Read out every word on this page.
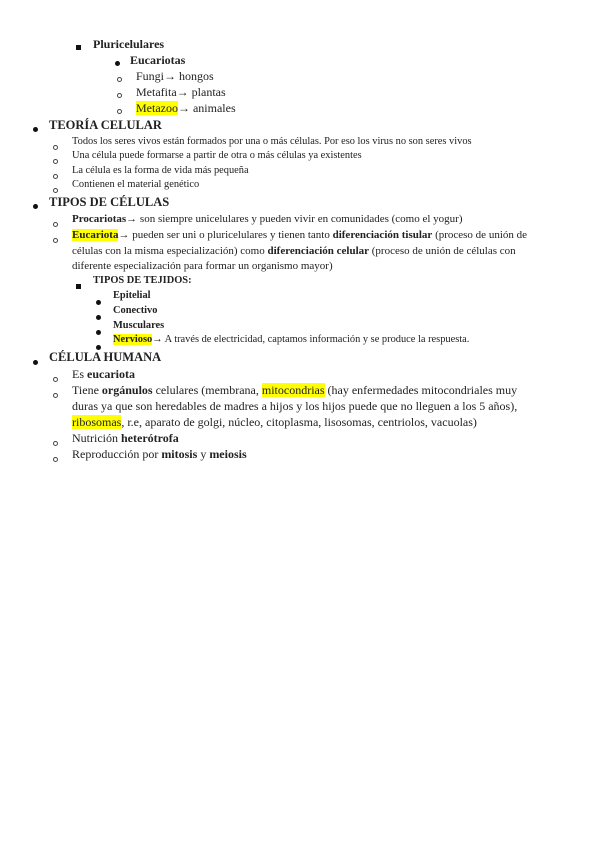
Pluricelulares
Eucariotas
Fungi→ hongos
Metafita→ plantas
Metazoo→ animales
TEORÍA CELULAR
Todos los seres vivos están formados por una o más células. Por eso los virus no son seres vivos
Una célula puede formarse a partir de otra o más células ya existentes
La célula es la forma de vida más pequeña
Contienen el material genético
TIPOS DE CÉLULAS
Procariotas→ son siempre unicelulares y pueden vivir en comunidades (como el yogur)
Eucariota→ pueden ser uni o pluricelulares y tienen tanto diferenciación tisular (proceso de unión de
células con la misma especialización) como diferenciación celular (proceso de unión de células con
diferente especialización para formar un organismo mayor)
TIPOS DE TEJIDOS:
Epitelial
Conectivo
Musculares
Nervioso→ A través de electricidad, captamos información y se produce la respuesta.
CÉLULA HUMANA
Es eucariota
Tiene orgánulos celulares (membrana, mitocondrias (hay enfermedades mitocondriales muy
duras ya que son heredables de madres a hijos y los hijos puede que no lleguen a los 5 años),
ribosomas, r.e, aparato de golgi, núcleo, citoplasma, lisosomas, centriolos, vacuolas)
Nutrición heterótrofa
Reproducción por mitosis y meiosis
